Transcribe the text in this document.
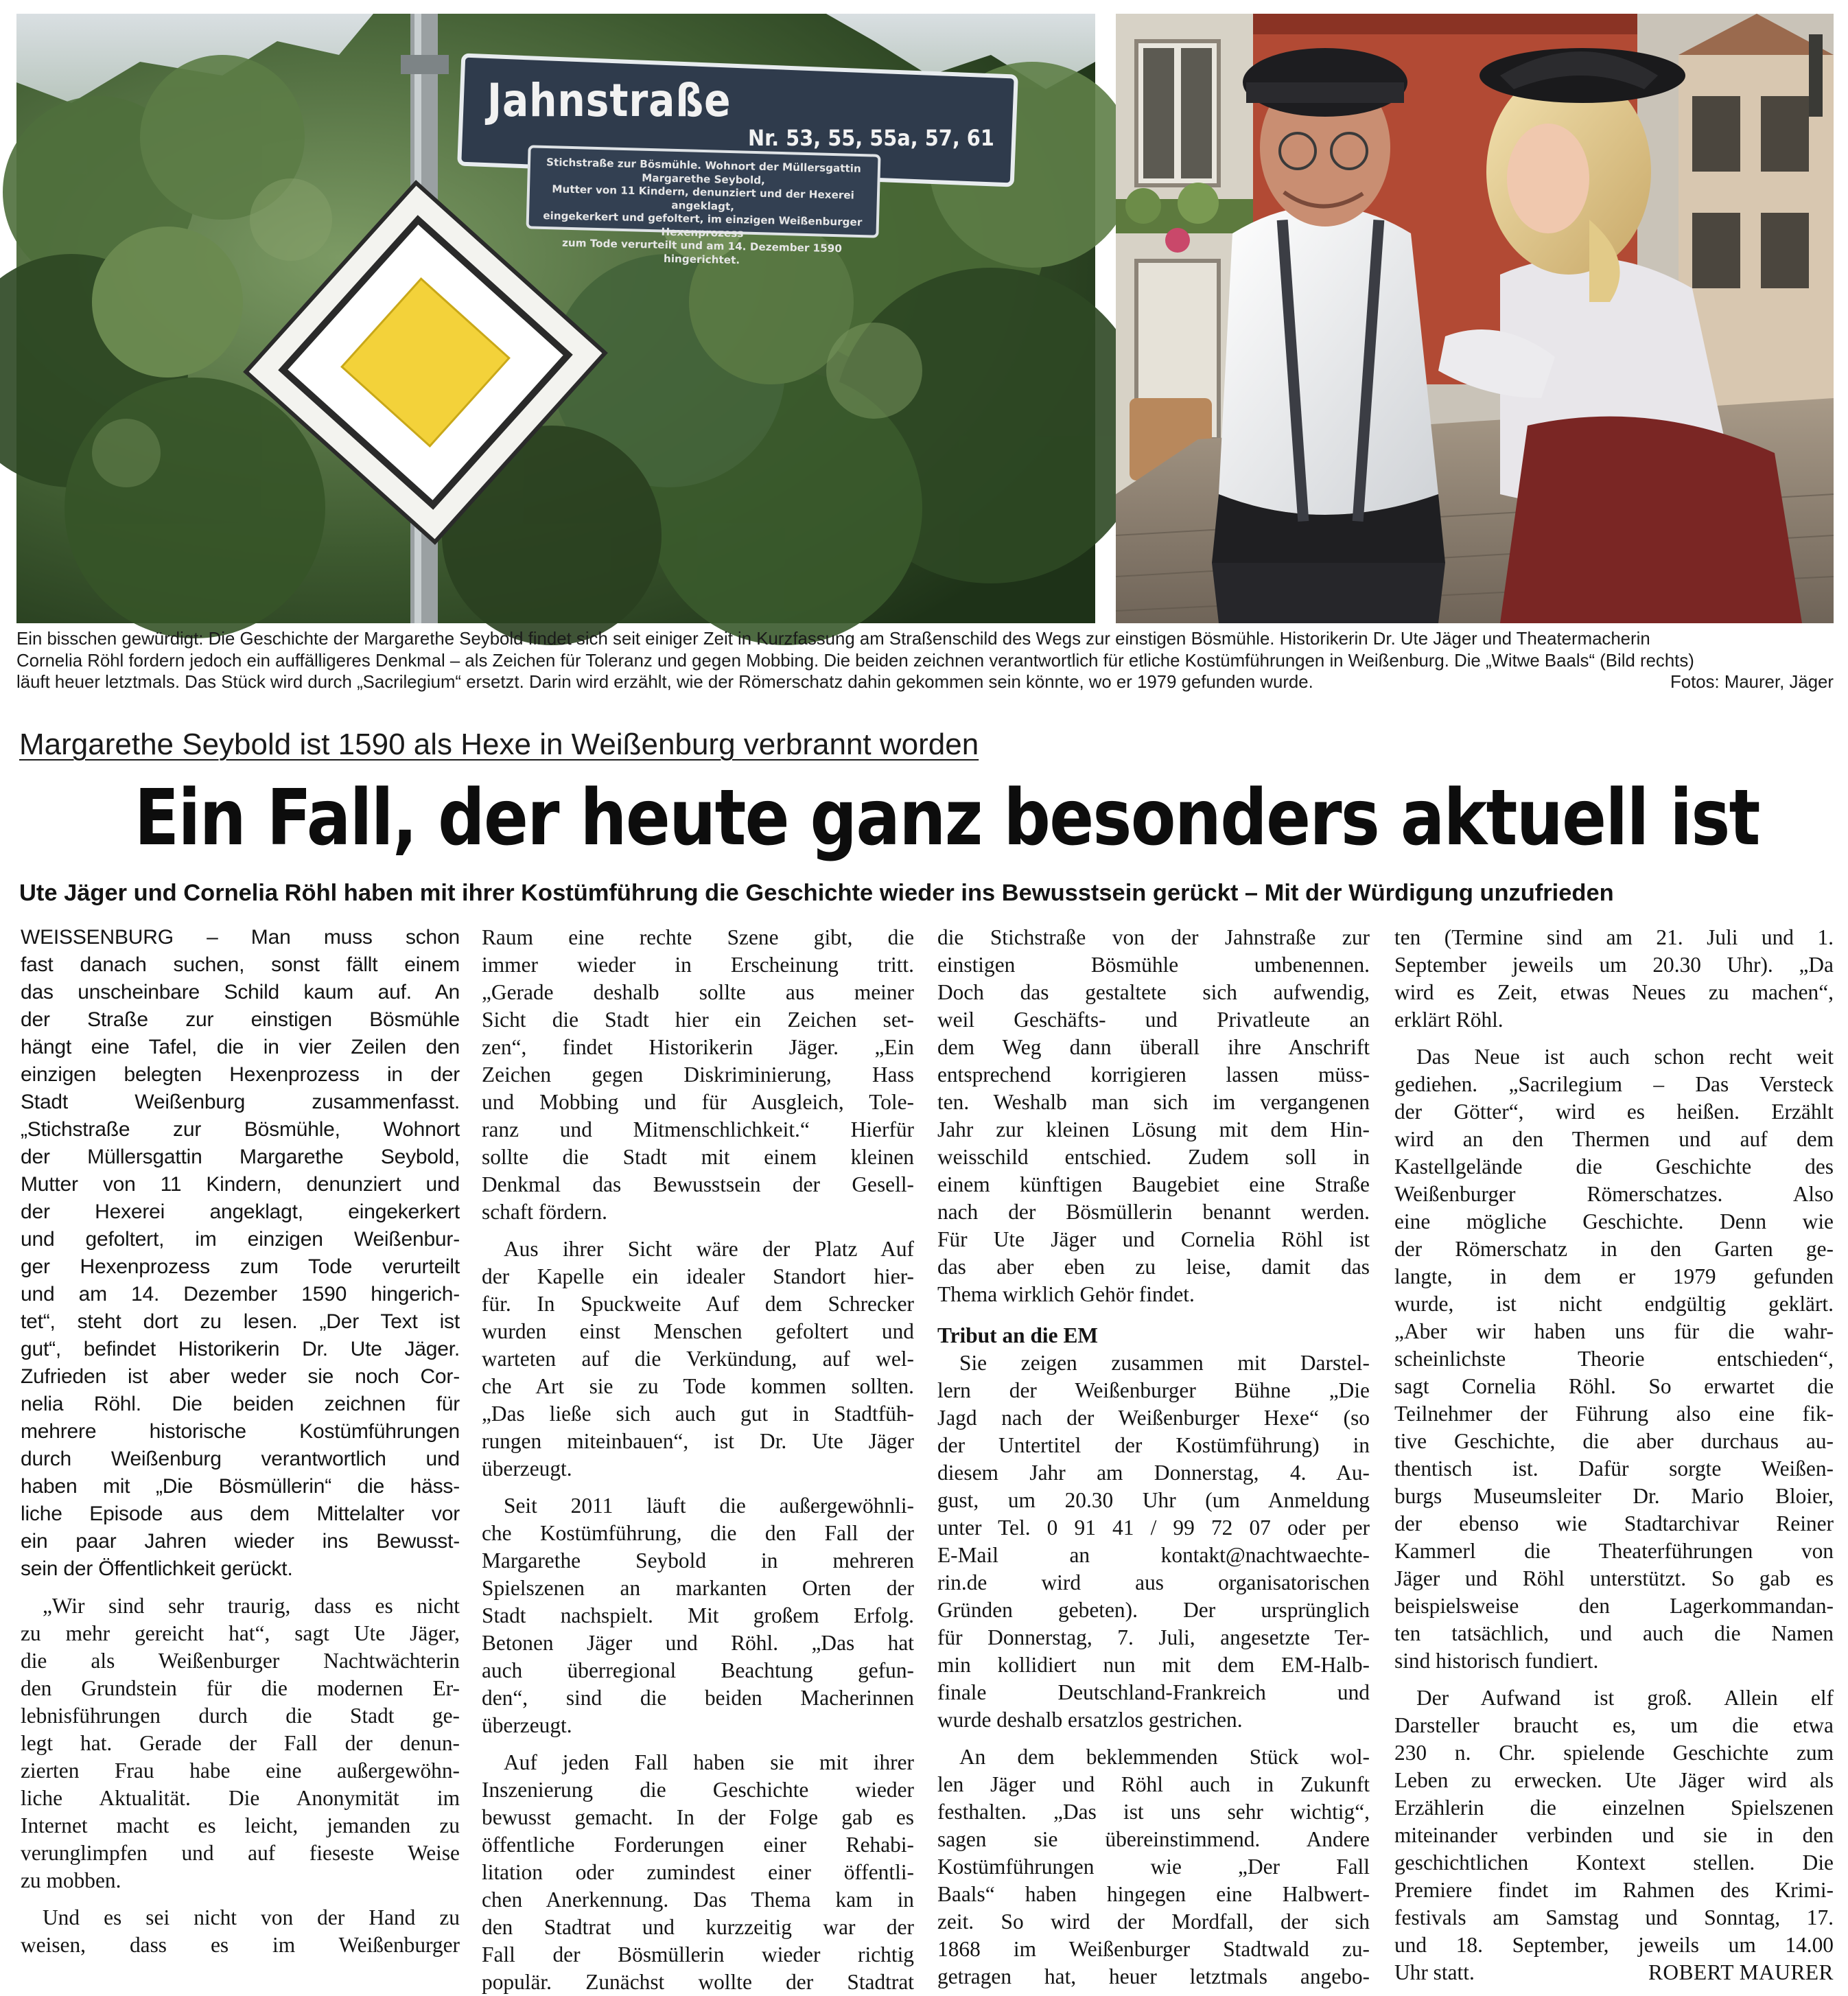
Jahnstraße
Nr. 53, 55, 55a, 57, 61
Stichstraße zur Bösmühle. Wohnort der Müllersgattin Margarethe Seybold,
Mutter von 11 Kindern, denunziert und der Hexerei angeklagt,
eingekerkert und gefoltert, im einzigen Weißenburger Hexenprozess
zum Tode verurteilt und am 14. Dezember 1590 hingerichtet.
Ein bisschen gewürdigt: Die Geschichte der Margarethe Seybold findet sich seit einiger Zeit in Kurzfassung am Straßenschild des Wegs zur einstigen Bösmühle. Historikerin Dr. Ute Jäger und Theatermacherin
Cornelia Röhl fordern jedoch ein auffälligeres Denkmal – als Zeichen für Toleranz und gegen Mobbing. Die beiden zeichnen verantwortlich für etliche Kostümführungen in Weißenburg. Die „Witwe Baals“ (Bild rechts)
läuft heuer letztmals. Das Stück wird durch „Sacrilegium“ ersetzt. Darin wird erzählt, wie der Römerschatz dahin gekommen sein könnte, wo er 1979 gefunden wurde.	Fotos: Maurer, Jäger
Margarethe Seybold ist 1590 als Hexe in Weißenburg verbrannt worden
Ein Fall, der heute ganz besonders aktuell ist
Ute Jäger und Cornelia Röhl haben mit ihrer Kostümführung die Geschichte wieder ins Bewusstsein gerückt – Mit der Würdigung unzufrieden
WEISSENBURG – Man muss schon
fast danach suchen, sonst fällt einem
das unscheinbare Schild kaum auf. An
der Straße zur einstigen Bösmühle
hängt eine Tafel, die in vier Zeilen den
einzigen belegten Hexenprozess in der
Stadt Weißenburg zusammenfasst.
„Stichstraße zur Bösmühle, Wohnort
der Müllersgattin Margarethe Seybold,
Mutter von 11 Kindern, denunziert und
der Hexerei angeklagt, eingekerkert
und gefoltert, im einzigen Weißenbur-
ger Hexenprozess zum Tode verurteilt
und am 14. Dezember 1590 hingerich-
tet“, steht dort zu lesen. „Der Text ist
gut“, befindet Historikerin Dr. Ute Jäger.
Zufrieden ist aber weder sie noch Cor-
nelia Röhl. Die beiden zeichnen für
mehrere historische Kostümführungen
durch Weißenburg verantwortlich und
haben mit „Die Bösmüllerin“ die häss-
liche Episode aus dem Mittelalter vor
ein paar Jahren wieder ins Bewusst-
sein der Öffentlichkeit gerückt.
„Wir sind sehr traurig, dass es nicht
zu mehr gereicht hat“, sagt Ute Jäger,
die als Weißenburger Nachtwächterin
den Grundstein für die modernen Er-
lebnisführungen durch die Stadt ge-
legt hat. Gerade der Fall der denun-
zierten Frau habe eine außergewöhn-
liche Aktualität. Die Anonymität im
Internet macht es leicht, jemanden zu
verunglimpfen und auf fieseste Weise
zu mobben.
Und es sei nicht von der Hand zu
weisen, dass es im Weißenburger
Raum eine rechte Szene gibt, die
immer wieder in Erscheinung tritt.
„Gerade deshalb sollte aus meiner
Sicht die Stadt hier ein Zeichen set-
zen“, findet Historikerin Jäger. „Ein
Zeichen gegen Diskriminierung, Hass
und Mobbing und für Ausgleich, Tole-
ranz und Mitmenschlichkeit.“ Hierfür
sollte die Stadt mit einem kleinen
Denkmal das Bewusstsein der Gesell-
schaft fördern.
Aus ihrer Sicht wäre der Platz Auf
der Kapelle ein idealer Standort hier-
für. In Spuckweite Auf dem Schrecker
wurden einst Menschen gefoltert und
warteten auf die Verkündung, auf wel-
che Art sie zu Tode kommen sollten.
„Das ließe sich auch gut in Stadtfüh-
rungen miteinbauen“, ist Dr. Ute Jäger
überzeugt.
Seit 2011 läuft die außergewöhnli-
che Kostümführung, die den Fall der
Margarethe Seybold in mehreren
Spielszenen an markanten Orten der
Stadt nachspielt. Mit großem Erfolg.
Betonen Jäger und Röhl. „Das hat
auch überregional Beachtung gefun-
den“, sind die beiden Macherinnen
überzeugt.
Auf jeden Fall haben sie mit ihrer
Inszenierung die Geschichte wieder
bewusst gemacht. In der Folge gab es
öffentliche Forderungen einer Rehabi-
litation oder zumindest einer öffentli-
chen Anerkennung. Das Thema kam in
den Stadtrat und kurzzeitig war der
Fall der Bösmüllerin wieder richtig
populär. Zunächst wollte der Stadtrat
die Stichstraße von der Jahnstraße zur
einstigen Bösmühle umbenennen.
Doch das gestaltete sich aufwendig,
weil Geschäfts- und Privatleute an
dem Weg dann überall ihre Anschrift
entsprechend korrigieren lassen müss-
ten. Weshalb man sich im vergangenen
Jahr zur kleinen Lösung mit dem Hin-
weisschild entschied. Zudem soll in
einem künftigen Baugebiet eine Straße
nach der Bösmüllerin benannt werden.
Für Ute Jäger und Cornelia Röhl ist
das aber eben zu leise, damit das
Thema wirklich Gehör findet.
Tribut an die EM
Sie zeigen zusammen mit Darstel-
lern der Weißenburger Bühne „Die
Jagd nach der Weißenburger Hexe“ (so
der Untertitel der Kostümführung) in
diesem Jahr am Donnerstag, 4. Au-
gust, um 20.30 Uhr (um Anmeldung
unter Tel. 0 91 41 / 99 72 07 oder per
E-Mail an kontakt@nachtwaechte-
rin.de wird aus organisatorischen
Gründen gebeten). Der ursprünglich
für Donnerstag, 7. Juli, angesetzte Ter-
min kollidiert nun mit dem EM-Halb-
finale Deutschland-Frankreich und
wurde deshalb ersatzlos gestrichen.
An dem beklemmenden Stück wol-
len Jäger und Röhl auch in Zukunft
festhalten. „Das ist uns sehr wichtig“,
sagen sie übereinstimmend. Andere
Kostümführungen wie „Der Fall
Baals“ haben hingegen eine Halbwert-
zeit. So wird der Mordfall, der sich
1868 im Weißenburger Stadtwald zu-
getragen hat, heuer letztmals angebo-
ten (Termine sind am 21. Juli und 1.
September jeweils um 20.30 Uhr). „Da
wird es Zeit, etwas Neues zu machen“,
erklärt Röhl.
Das Neue ist auch schon recht weit
gediehen. „Sacrilegium – Das Versteck
der Götter“, wird es heißen. Erzählt
wird an den Thermen und auf dem
Kastellgelände die Geschichte des
Weißenburger Römerschatzes. Also
eine mögliche Geschichte. Denn wie
der Römerschatz in den Garten ge-
langte, in dem er 1979 gefunden
wurde, ist nicht endgültig geklärt.
„Aber wir haben uns für die wahr-
scheinlichste Theorie entschieden“,
sagt Cornelia Röhl. So erwartet die
Teilnehmer der Führung also eine fik-
tive Geschichte, die aber durchaus au-
thentisch ist. Dafür sorgte Weißen-
burgs Museumsleiter Dr. Mario Bloier,
der ebenso wie Stadtarchivar Reiner
Kammerl die Theaterführungen von
Jäger und Röhl unterstützt. So gab es
beispielsweise den Lagerkommandan-
ten tatsächlich, und auch die Namen
sind historisch fundiert.
Der Aufwand ist groß. Allein elf
Darsteller braucht es, um die etwa
230 n. Chr. spielende Geschichte zum
Leben zu erwecken. Ute Jäger wird als
Erzählerin die einzelnen Spielszenen
miteinander verbinden und sie in den
geschichtlichen Kontext stellen. Die
Premiere findet im Rahmen des Krimi-
festivals am Samstag und Sonntag, 17.
und 18. September, jeweils um 14.00
Uhr statt.	ROBERT MAURER
